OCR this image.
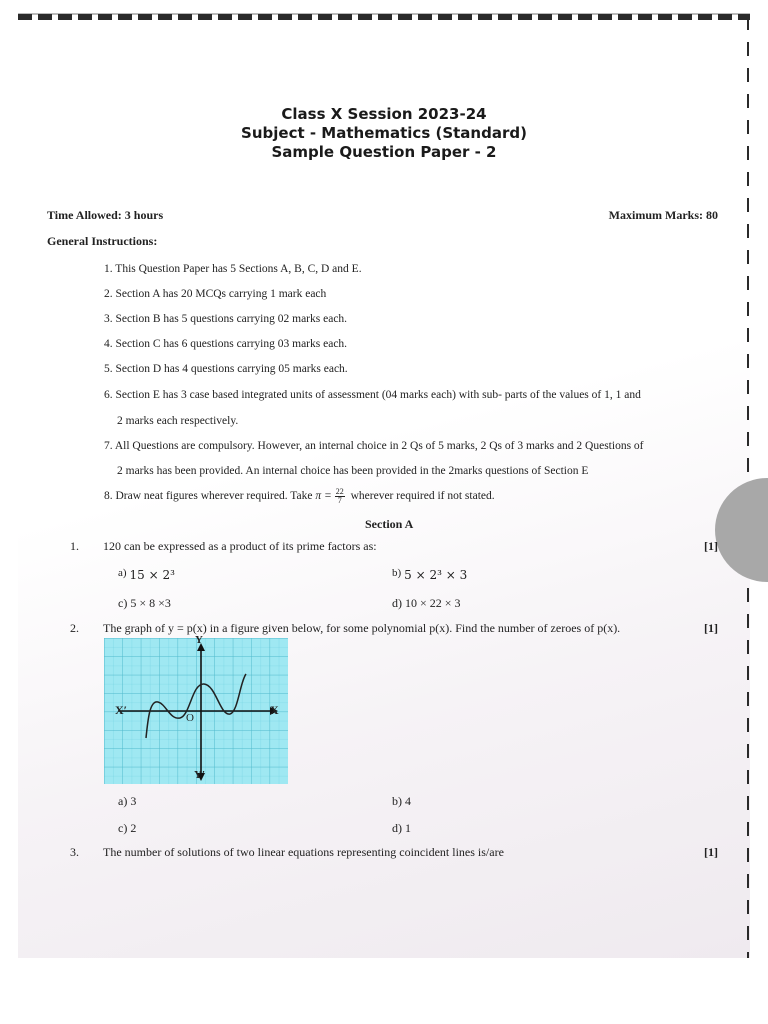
Class X Session 2023-24
Subject - Mathematics (Standard)
Sample Question Paper - 2
Time Allowed: 3 hours	Maximum Marks: 80
General Instructions:
1. This Question Paper has 5 Sections A, B, C, D and E.
2. Section A has 20 MCQs carrying 1 mark each
3. Section B has 5 questions carrying 02 marks each.
4. Section C has 6 questions carrying 03 marks each.
5. Section D has 4 questions carrying 05 marks each.
6. Section E has 3 case based integrated units of assessment (04 marks each) with sub- parts of the values of 1, 1 and
2 marks each respectively.
7. All Questions are compulsory. However, an internal choice in 2 Qs of 5 marks, 2 Qs of 3 marks and 2 Questions of
2 marks has been provided. An internal choice has been provided in the 2marks questions of Section E
8. Draw neat figures wherever required. Take $\pi = \frac{22}{7}$ wherever required if not stated.
Section A
1. 120 can be expressed as a product of its prime factors as:	[1]
a) 15 × 2³	b) 5 × 2³ × 3
c) 5 × 8 ×3	d) 10 × 22 × 3
2. The graph of y = p(x) in a figure given below, for some polynomial p(x). Find the number of zeroes of p(x).	[1]
Y
Y′
X′	X
O
a) 3	b) 4
c) 2	d) 1
3. The number of solutions of two linear equations representing coincident lines is/are	[1]
